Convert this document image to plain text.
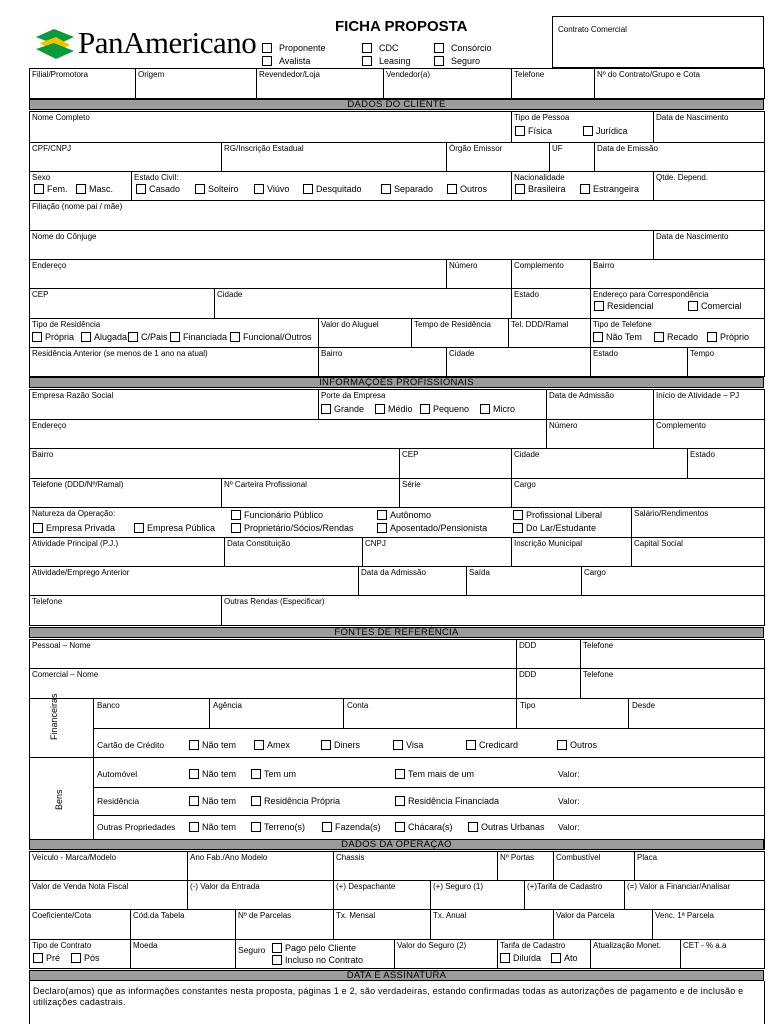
PanAmericano	FICHA PROPOSTA
Proponente
Avalista
CDC
Leasing
Consórcio
Seguro
Contrato Comercial
Filial/Promotora	Origem	Revendedor/Loja	Vendedor(a)	Telefone	Nº do Contrato/Grupo e Cota
DADOS DO CLIENTE
Nome Completo	Tipo de Pessoa	Data de Nascimento
Física	Jurídica
CPF/CNPJ	RG/Inscrição Estadual	Órgão Emissor	UF	Data de Emissão
Sexo	Estado Civil:	Nacionalidade	Qtde. Depend.
Fem. Masc.	Casado	Solteiro	Viúvo	Desquitado	Separado	Outros	Brasileira	Estrangeira
Filiação (nome pai / mãe)
Nome do Cônjuge	Data de Nascimento
Endereço	Número	Complemento	Bairro
CEP	Cidade	Estado	Endereço para Correspondência
Residencial	Comercial
Tipo de Residência	Valor do Aluguel	Tempo de Residência	Tel. DDD/Ramal	Tipo de Telefone
Própria Alugada C/Pais Financiada Funcional/Outros	Não Tem	Recado Próprio
Residência Anterior (se menos de 1 ano na atual)	Bairro	Cidade	Estado	Tempo
INFORMAÇÕES PROFISSIONAIS
Empresa Razão Social	Porte da Empresa	Data de Admissão	Início de Atividade – PJ
Grande	Médio Pequeno	Micro
Endereço	Número	Complemento
Bairro	CEP	Cidade	Estado
Telefone (DDD/Nº/Ramal)	Nº Carteira Profissional	Série	Cargo
Natureza da Operação:	Salário/Rendimentos
Empresa Privada	Empresa Pública
Funcionário Público
Proprietário/Sócios/Rendas
Autônomo
Aposentado/Pensionista
Profissional Liberal
Do Lar/Estudante
Atividade Principal (P.J.)	Data Constituição	CNPJ	Inscrição Municipal	Capital Social
Atividade/Emprego Anterior	Data da Admissão	Saída	Cargo
Telefone	Outras Rendas (Especificar)
FONTES DE REFERÊNCIA
Pessoal – Nome	DDD	Telefone
Comercial – Nome	DDD	Telefone
Financeiras	Banco	Agência	Conta	Tipo	Desde
Cartão de Crédito	Não tem	Amex	Diners	Visa	Credicard	Outros
Bens
Automóvel	Não tem	Tem um	Tem mais de um	Valor:
Residência	Não tem	Residência Própria	Residência Financiada	Valor:
Outras Propriedades	Não tem	Terreno(s)	Fazenda(s)	Chácara(s)	Outras Urbanas Valor:
DADOS DA OPERAÇÃO
Veículo - Marca/Modelo	Ano Fab./Ano Modelo	Chassis	Nº Portas	Combustível	Placa
Valor de Venda Nota Fiscal	(-) Valor da Entrada	(+) Despachante	(+) Seguro (1)	(+)Tarifa de Cadastro	(=) Valor a Financiar/Analisar
Coeficiente/Cota	Cód.da Tabela	Nº de Parcelas	Tx. Mensal	Tx. Anual	Valor da Parcela	Venc. 1ª Parcela
Tipo de Contrato	Moeda	Valor do Seguro (2)	Tarifa de Cadastro	Atualização Monet.	CET - % a.a
Pré	Pós
Seguro Pago pelo Cliente
Incluso no Contrato	Diluída	Ato
DATA E ASSINATURA
Declaro(amos) que as informações constantes nesta proposta, páginas 1 e 2, são verdadeiras, estando confirmadas todas as autorizações de pagamento e de inclusão e utilizações cadastrais.
